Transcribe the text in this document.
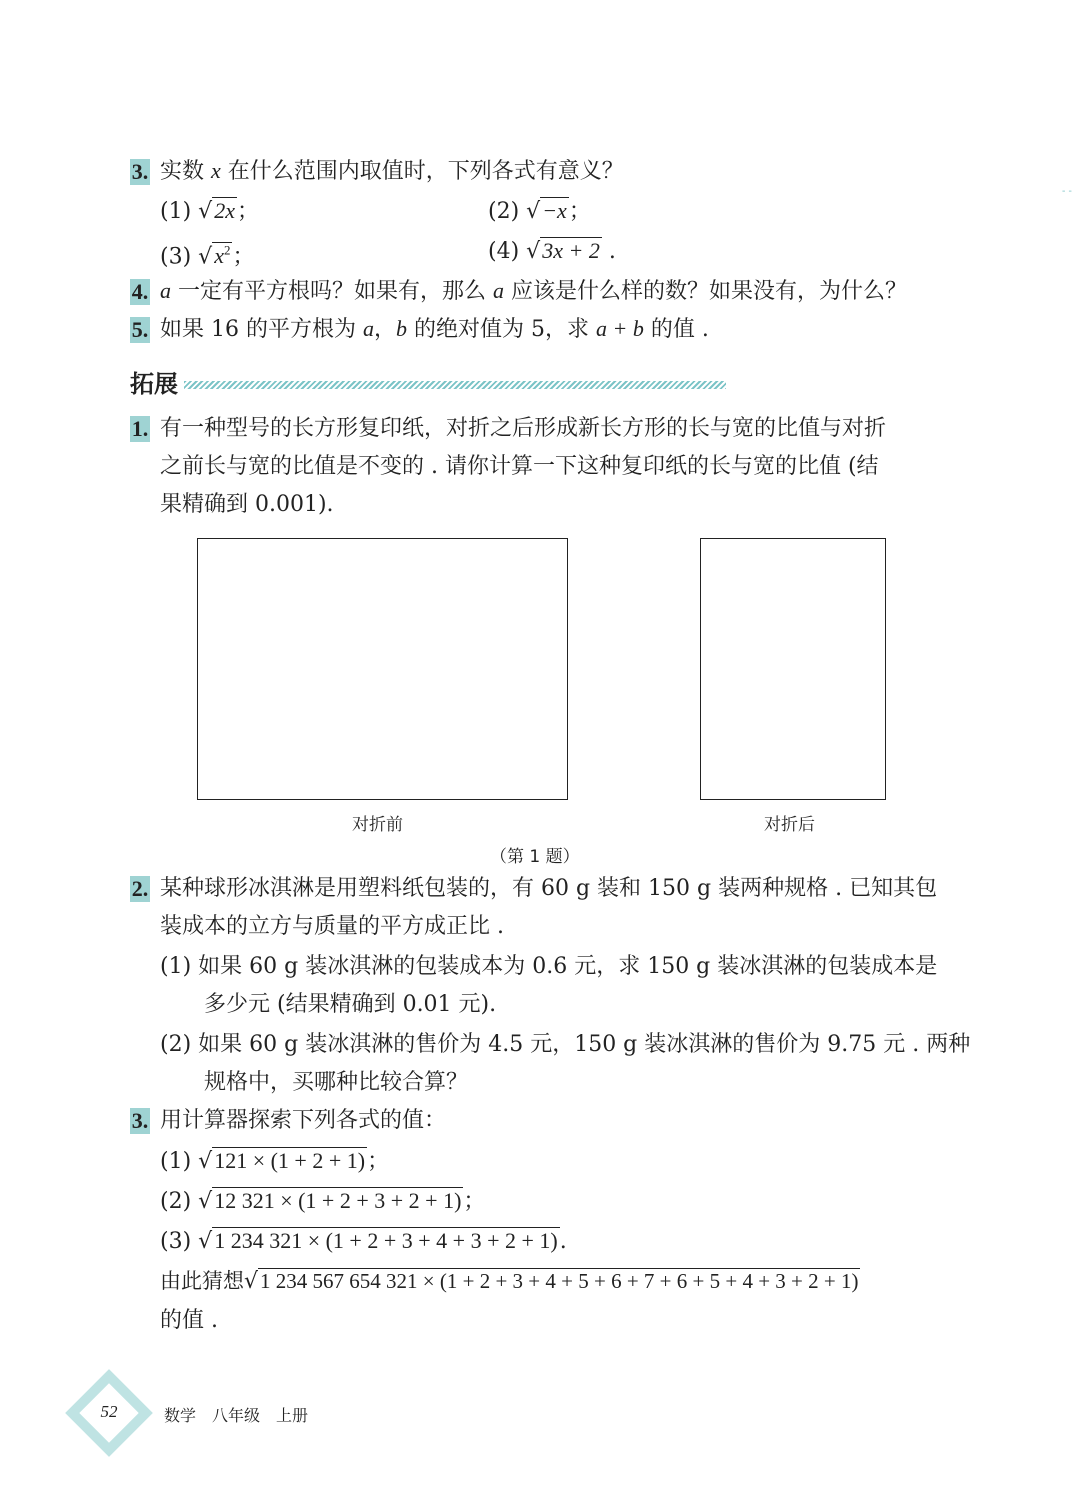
3. 实数 x 在什么范围内取值时，下列各式有意义？
(1) √2x；	(2) √−x；
(3) $√x^2$；	(4) √3x + 2 .
4. a 一定有平方根吗？如果有，那么 a 应该是什么样的数？如果没有，为什么？
5. 如果 16 的平方根为 a，b 的绝对值为 5，求 a + b 的值 .
拓展
1. 有一种型号的长方形复印纸，对折之后形成新长方形的长与宽的比值与对折
之前长与宽的比值是不变的 . 请你计算一下这种复印纸的长与宽的比值 (结
果精确到 0.001).
对折前	对折后
（第 1 题）
2. 某种球形冰淇淋是用塑料纸包装的，有 60 g 装和 150 g 装两种规格 . 已知其包
装成本的立方与质量的平方成正比 .
(1) 如果 60 g 装冰淇淋的包装成本为 0.6 元，求 150 g 装冰淇淋的包装成本是
多少元 (结果精确到 0.01 元).
(2) 如果 60 g 装冰淇淋的售价为 4.5 元，150 g 装冰淇淋的售价为 9.75 元 . 两种
规格中，买哪种比较合算？
3. 用计算器探索下列各式的值：
(1) √121 × (1 + 2 + 1)；
(2) √12 321 × (1 + 2 + 3 + 2 + 1)；
(3) √1 234 321 × (1 + 2 + 3 + 4 + 3 + 2 + 1).
由此猜想√1 234 567 654 321 × (1 + 2 + 3 + 4 + 5 + 6 + 7 + 6 + 5 + 4 + 3 + 2 + 1)
的值 .
52	数学　八年级　上册
- -
